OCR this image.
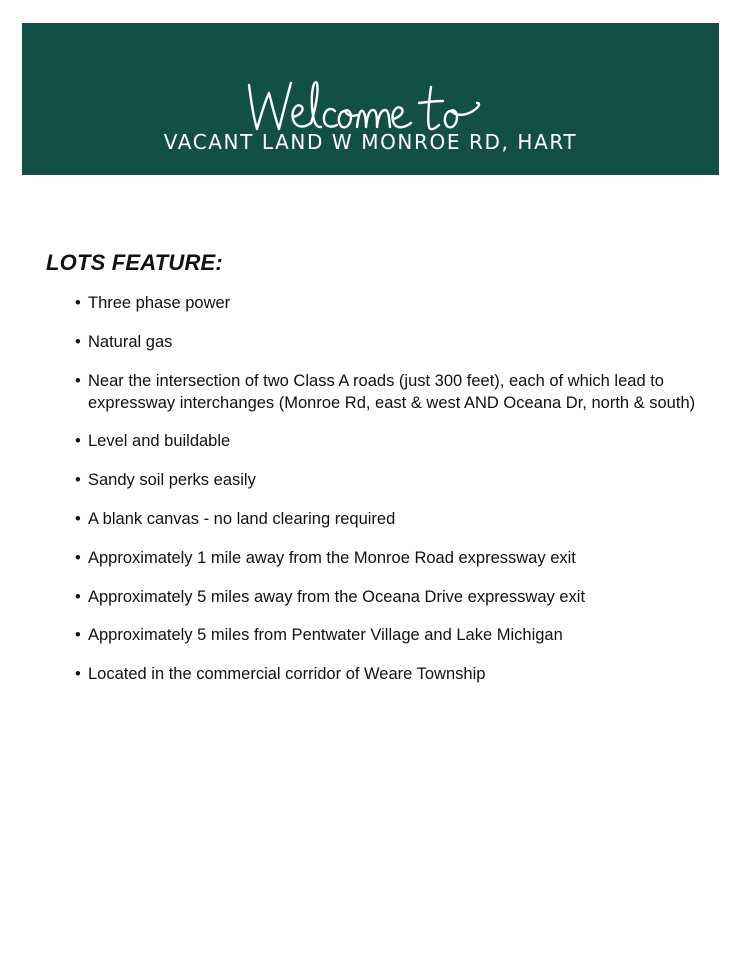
VACANT LAND W MONROE RD, HART
LOTS FEATURE:
• Three phase power
• Natural gas
• Near the intersection of two Class A roads (just 300 feet), each of which lead to expressway interchanges (Monroe Rd, east & west AND Oceana Dr, north & south)
• Level and buildable
• Sandy soil perks easily
• A blank canvas - no land clearing required
• Approximately 1 mile away from the Monroe Road expressway exit
• Approximately 5 miles away from the Oceana Drive expressway exit
• Approximately 5 miles from Pentwater Village and Lake Michigan
• Located in the commercial corridor of Weare Township
